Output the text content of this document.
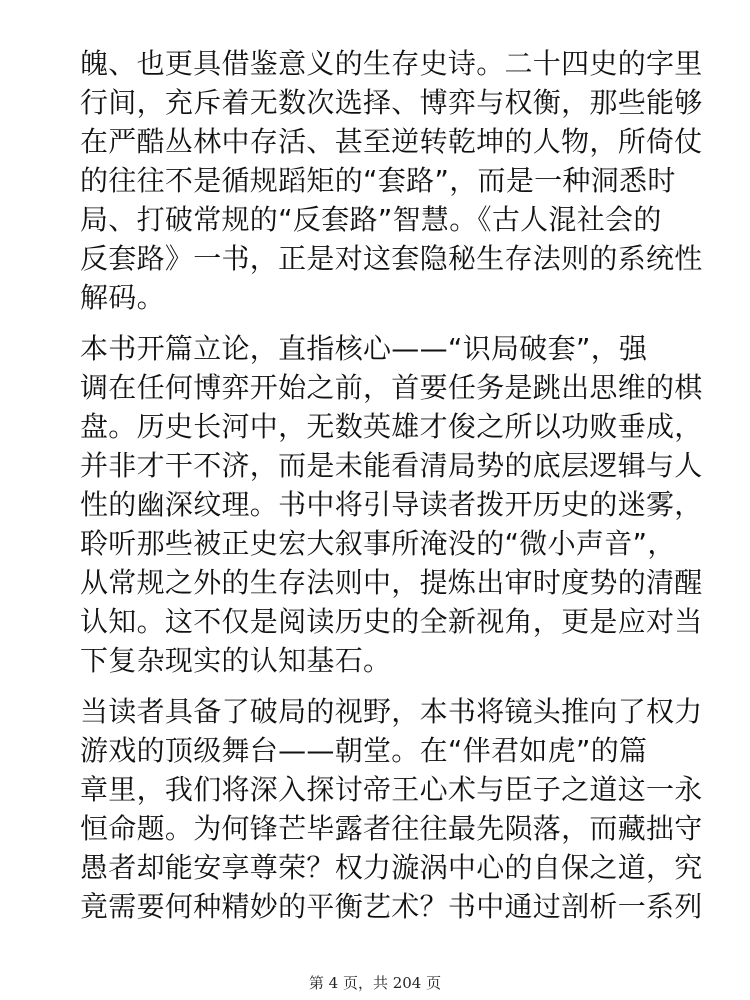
魄、也更具借鉴意义的生存史诗。二十四史的字里
行间，充斥着无数次选择、博弈与权衡，那些能够
在严酷丛林中存活、甚至逆转乾坤的人物，所倚仗
的往往不是循规蹈矩的“套路”，而是一种洞悉时
局、打破常规的“反套路”智慧。《古人混社会的
反套路》一书，正是对这套隐秘生存法则的系统性
解码。
本书开篇立论，直指核心——“识局破套”，强
调在任何博弈开始之前，首要任务是跳出思维的棋
盘。历史长河中，无数英雄才俊之所以功败垂成，
并非才干不济，而是未能看清局势的底层逻辑与人
性的幽深纹理。书中将引导读者拨开历史的迷雾，
聆听那些被正史宏大叙事所淹没的“微小声音”，
从常规之外的生存法则中，提炼出审时度势的清醒
认知。这不仅是阅读历史的全新视角，更是应对当
下复杂现实的认知基石。
当读者具备了破局的视野，本书将镜头推向了权力
游戏的顶级舞台——朝堂。在“伴君如虎”的篇
章里，我们将深入探讨帝王心术与臣子之道这一永
恒命题。为何锋芒毕露者往往最先陨落，而藏拙守
愚者却能安享尊荣？权力漩涡中心的自保之道，究
竟需要何种精妙的平衡艺术？书中通过剖析一系列
第 4 页，共 204 页
